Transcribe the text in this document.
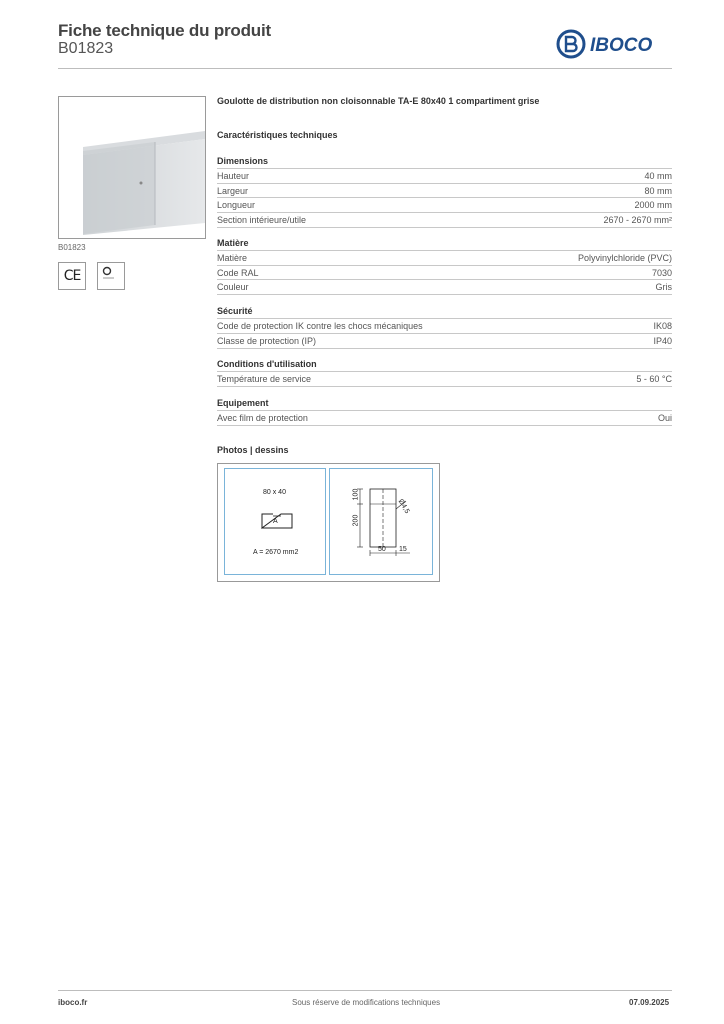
Fiche technique du produit
B01823	IBOCO
B01823
CE
Goulotte de distribution non cloisonnable TA-E 80x40 1 compartiment grise
Caractéristiques techniques
Dimensions
Hauteur	40 mm
Largeur	80 mm
Longueur	2000 mm
Section intérieure/utile	2670 - 2670 mm²
Matière
Matière	Polyvinylchloride (PVC)
Code RAL	7030
Couleur	Gris
Sécurité
Code de protection IK contre les chocs mécaniques	IK08
Classe de protection (IP)	IP40
Conditions d'utilisation
Température de service	5 - 60 °C
Equipement
Avec film de protection	Oui
Photos | dessins
80 x 40
A
A = 2670 mm2
100
200
50 15
Ø4,5
iboco.fr	Sous réserve de modifications techniques	07.09.2025
